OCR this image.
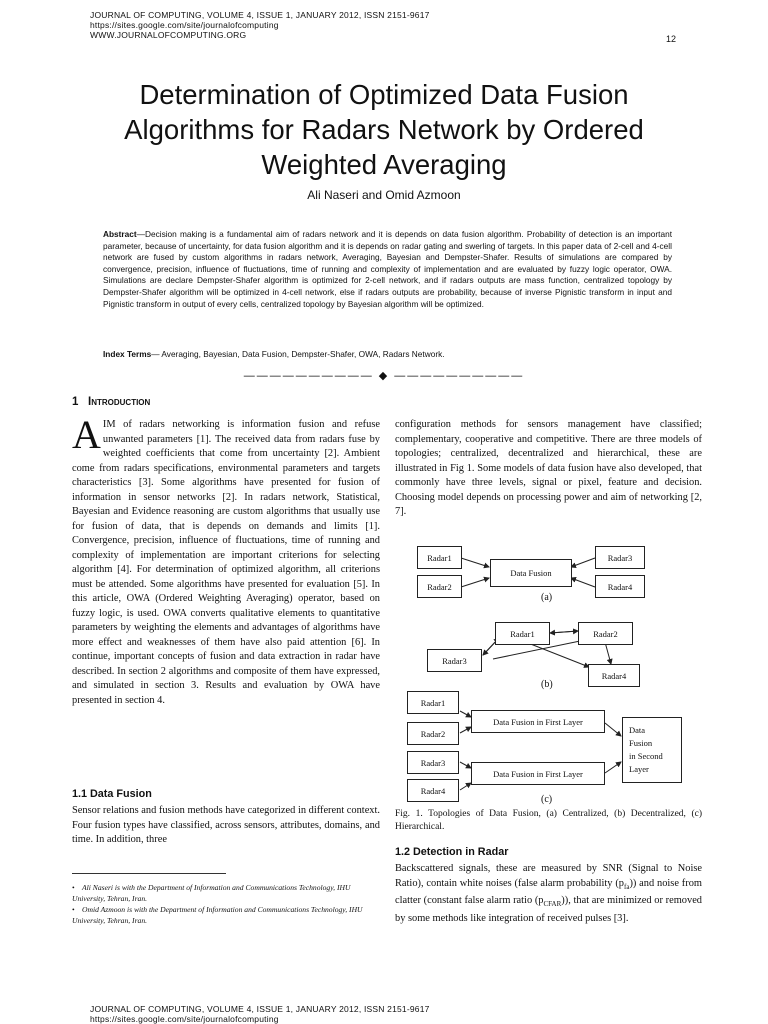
JOURNAL OF COMPUTING, VOLUME 4, ISSUE 1, JANUARY 2012, ISSN 2151-9617
https://sites.google.com/site/journalofcomputing
WWW.JOURNALOFCOMPUTING.ORG	12
Determination of Optimized Data Fusion
Algorithms for Radars Network by Ordered
Weighted Averaging
Ali Naseri and Omid Azmoon
Abstract—Decision making is a fundamental aim of radars network and it is depends on data fusion algorithm. Probability of detection is an important parameter, because of uncertainty, for data fusion algorithm and it is depends on radar gating and swerling of targets. In this paper data of 2-cell and 4-cell network are fused by custom algorithms in radars network, Averaging, Bayesian and Dempster-Shafer. Results of simulations are compared by convergence, precision, influence of fluctuations, time of running and complexity of implementation and are evaluated by fuzzy logic operator, OWA. Simulations are declare Dempster-Shafer algorithm is optimized for 2-cell network, and if radars outputs are mass function, centralized topology by Dempster-Shafer algorithm will be optimized in 4-cell network, else if radars outputs are probability, because of inverse Pignistic transform in input and Pignistic transform in output of every cells, centralized topology by Bayesian algorithm will be optimized.
Index Terms— Averaging, Bayesian, Data Fusion, Dempster-Shafer, OWA, Radars Network.
—————————— ◆ ——————————
1 Introduction
AIM of radars networking is information fusion and refuse unwanted parameters [1]. The received data from radars fuse by weighted coefficients that come from uncertainty [2]. Ambient come from radars specifications, environmental parameters and targets characteristics [3]. Some algorithms have presented for fusion of information in sensor networks [2]. In radars network, Statistical, Bayesian and Evidence reasoning are custom algorithms that usually use for fusion of data, that is depends on demands and limits [1]. Convergence, precision, influence of fluctuations, time of running and complexity of implementation are important criterions for selecting algorithm [4]. For determination of optimized algorithm, all criterions must be attended. Some algorithms have presented for evaluation [5]. In this article, OWA (Ordered Weighting Averaging) operator, based on fuzzy logic, is used. OWA converts qualitative elements to quantitative parameters by weighting the elements and advantages of algorithms have more effect and weaknesses of them have also paid attention [6]. In continue, important concepts of fusion and data extraction in radar have described. In section 2 algorithms and composite of them have expressed, and simulated in section 3. Results and evaluation by OWA have presented in section 4.
1.1 Data Fusion
Sensor relations and fusion methods have categorized in different context. Four fusion types have classified, across sensors, attributes, domains, and time. In addition, three
• Ali Naseri is with the Department of Information and Communications Technology, IHU University, Tehran, Iran.
• Omid Azmoon is with the Department of Information and Communications Technology, IHU University, Tehran, Iran.
configuration methods for sensors management have classified; complementary, cooperative and competitive. There are three models of topologies; centralized, decentralized and hierarchical, these are illustrated in Fig 1. Some models of data fusion have also developed, that commonly have three levels, signal or pixel, feature and decision. Choosing model depends on processing power and aim of networking [2, 7].
Radar1
Radar2
Data Fusion
Radar3
Radar4
(a)
Radar1	Radar2
Radar3
Radar4
(b)
Radar1
Radar2
Radar3
Radar4
Data Fusion in First Layer
Data Fusion in First Layer
Data
Fusion
in Second
Layer
(c)
Fig. 1. Topologies of Data Fusion, (a) Centralized, (b) Decentralized, (c) Hierarchical.
1.2 Detection in Radar
Backscattered signals, these are measured by SNR (Signal to Noise Ratio), contain white noises (false alarm probability $(p_{fa})$) and noise from clatter (constant false alarm ratio $(p_{CFAR})$), that are minimized or removed by some methods like integration of received pulses [3].
JOURNAL OF COMPUTING, VOLUME 4, ISSUE 1, JANUARY 2012, ISSN 2151-9617
https://sites.google.com/site/journalofcomputing
